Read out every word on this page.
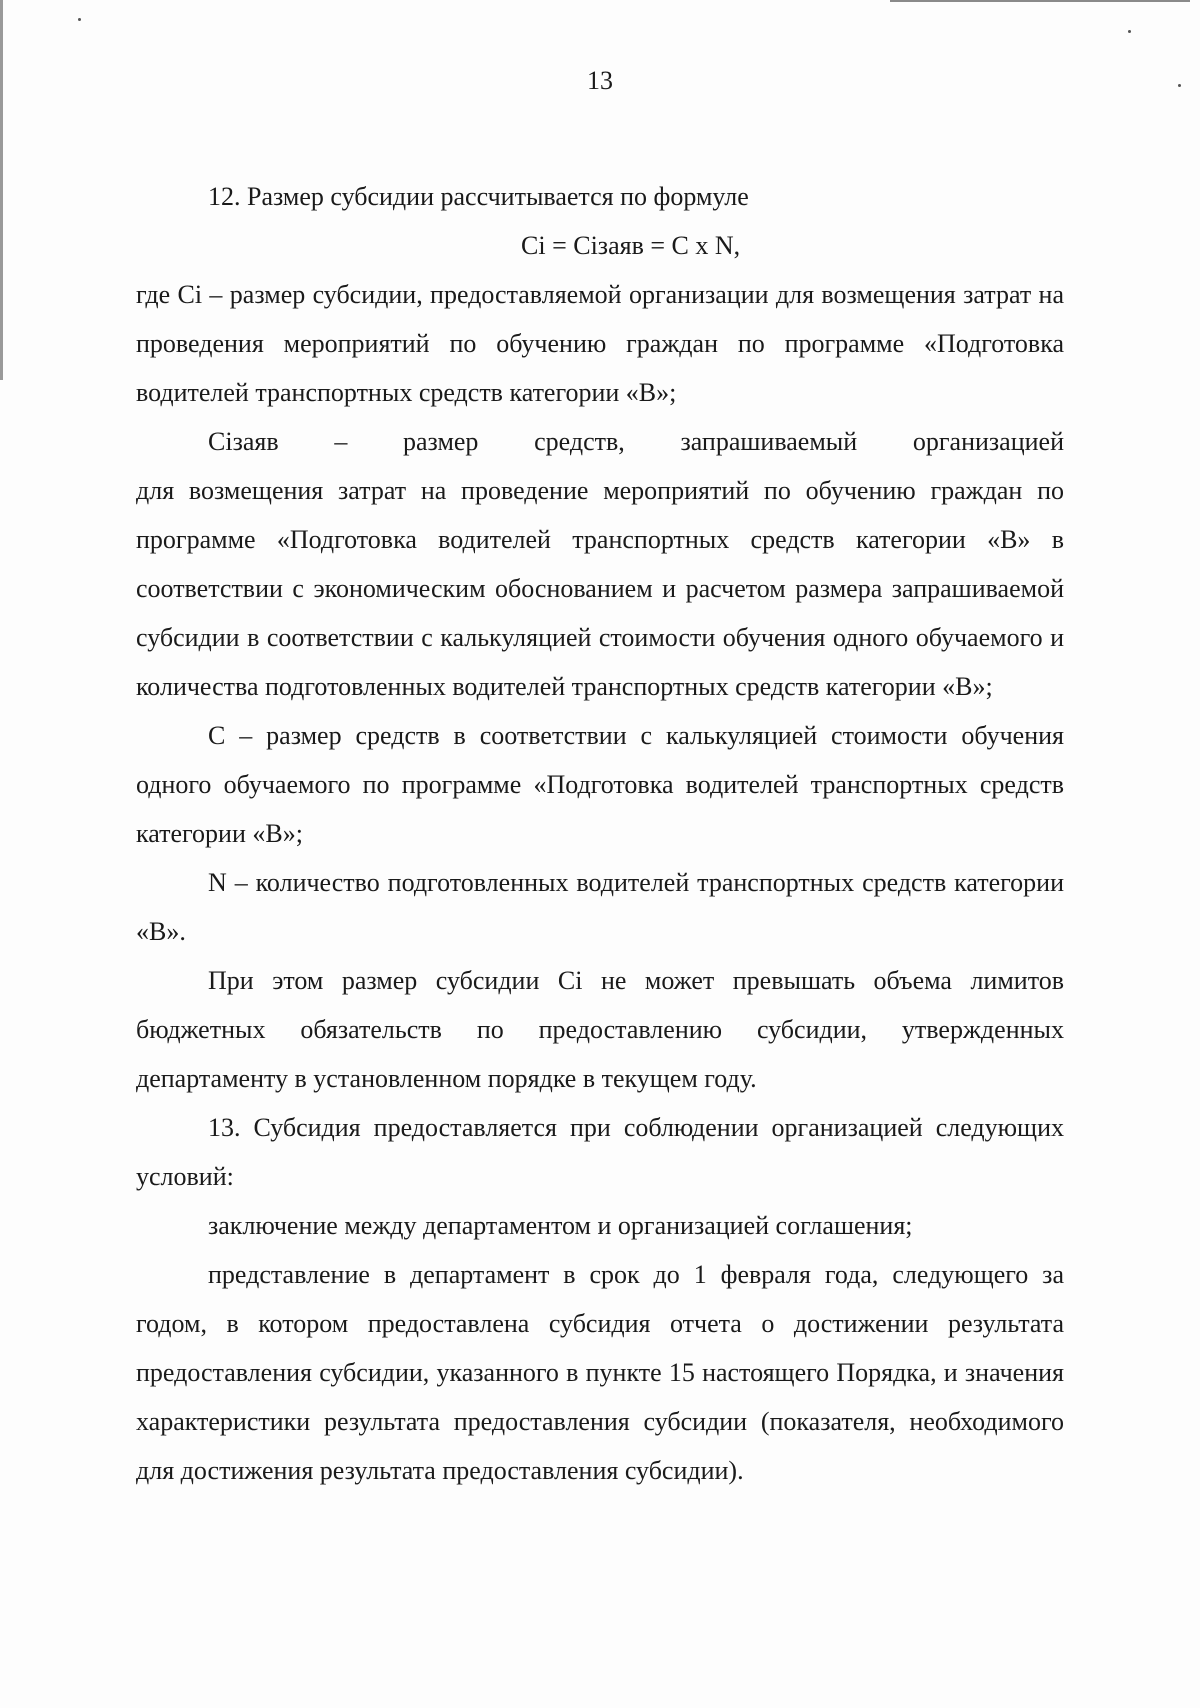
13

12. Размер субсидии рассчитывается по формуле

Ci = Ciзаяв = C x N,

где Ci – размер субсидии, предоставляемой организации для возмещения затрат на проведения мероприятий по обучению граждан по программе «Подготовка водителей транспортных средств категории «В»;

Ciзаяв – размер средств, запрашиваемый организацией

для возмещения затрат на проведение мероприятий по обучению граждан по программе «Подготовка водителей транспортных средств категории «В» в соответствии с экономическим обоснованием и расчетом размера запрашиваемой субсидии в соответствии с калькуляцией стоимости обучения одного обучаемого и количества подготовленных водителей транспортных средств категории «В»;

C – размер средств в соответствии с калькуляцией стоимости обучения одного обучаемого по программе «Подготовка водителей транспортных средств категории «В»;

N – количество подготовленных водителей транспортных средств категории «В».

При этом размер субсидии Ci не может превышать объема лимитов бюджетных обязательств по предоставлению субсидии, утвержденных департаменту в установленном порядке в текущем году.

13. Субсидия предоставляется при соблюдении организацией следующих условий:

заключение между департаментом и организацией соглашения;

представление в департамент в срок до 1 февраля года, следующего за годом, в котором предоставлена субсидия отчета о достижении результата предоставления субсидии, указанного в пункте 15 настоящего Порядка, и значения характеристики результата предоставления субсидии (показателя, необходимого для достижения результата предоставления субсидии).
